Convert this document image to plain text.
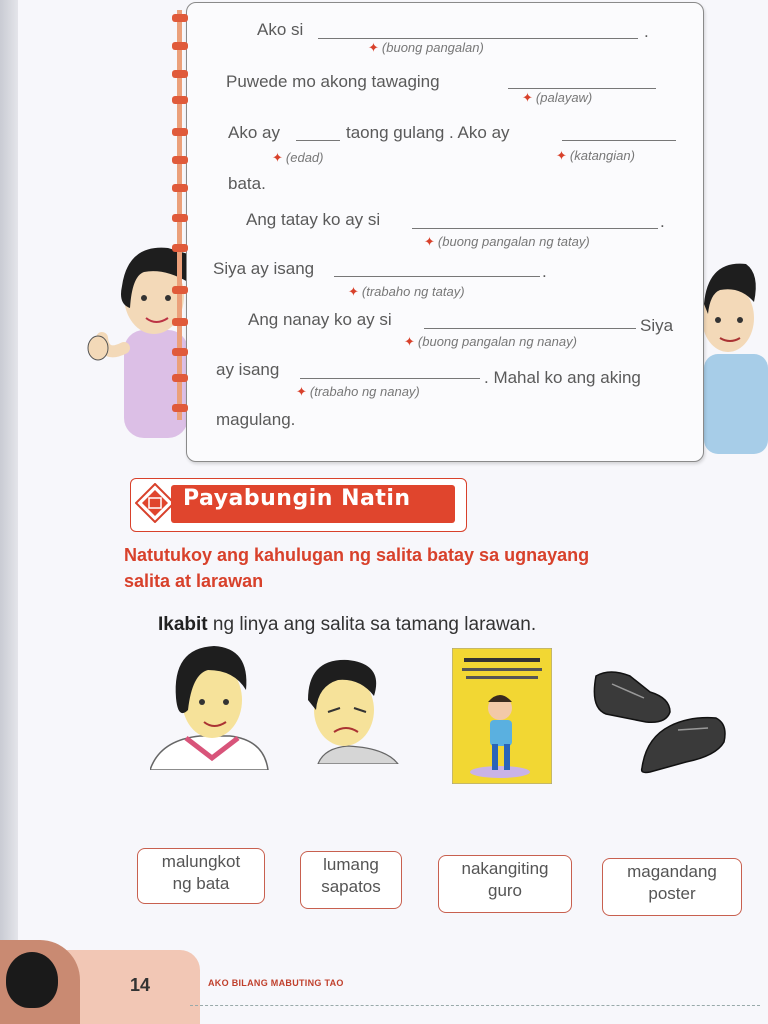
Ako si	.
✦ (buong pangalan)
Puwede mo akong tawaging
✦ (palayaw)
Ako ay	taong gulang . Ako ay
✦ (edad)	✦ (katangian)
bata.
Ang tatay ko ay si	.
✦ (buong pangalan ng tatay)
Siya ay isang	.
✦ (trabaho ng tatay)
Ang nanay ko ay si	Siya
✦ (buong pangalan ng nanay)
ay isang	. Mahal ko ang aking
✦ (trabaho ng nanay)
magulang.
Payabungin Natin
Natutukoy ang kahulugan ng salita batay sa ugnayang
salita at larawan
Ikabit ng linya ang salita sa tamang larawan.
malungkot
ng bata
lumang
sapatos
nakangiting
guro
magandang
poster
14	AKO BILANG MABUTING TAO
